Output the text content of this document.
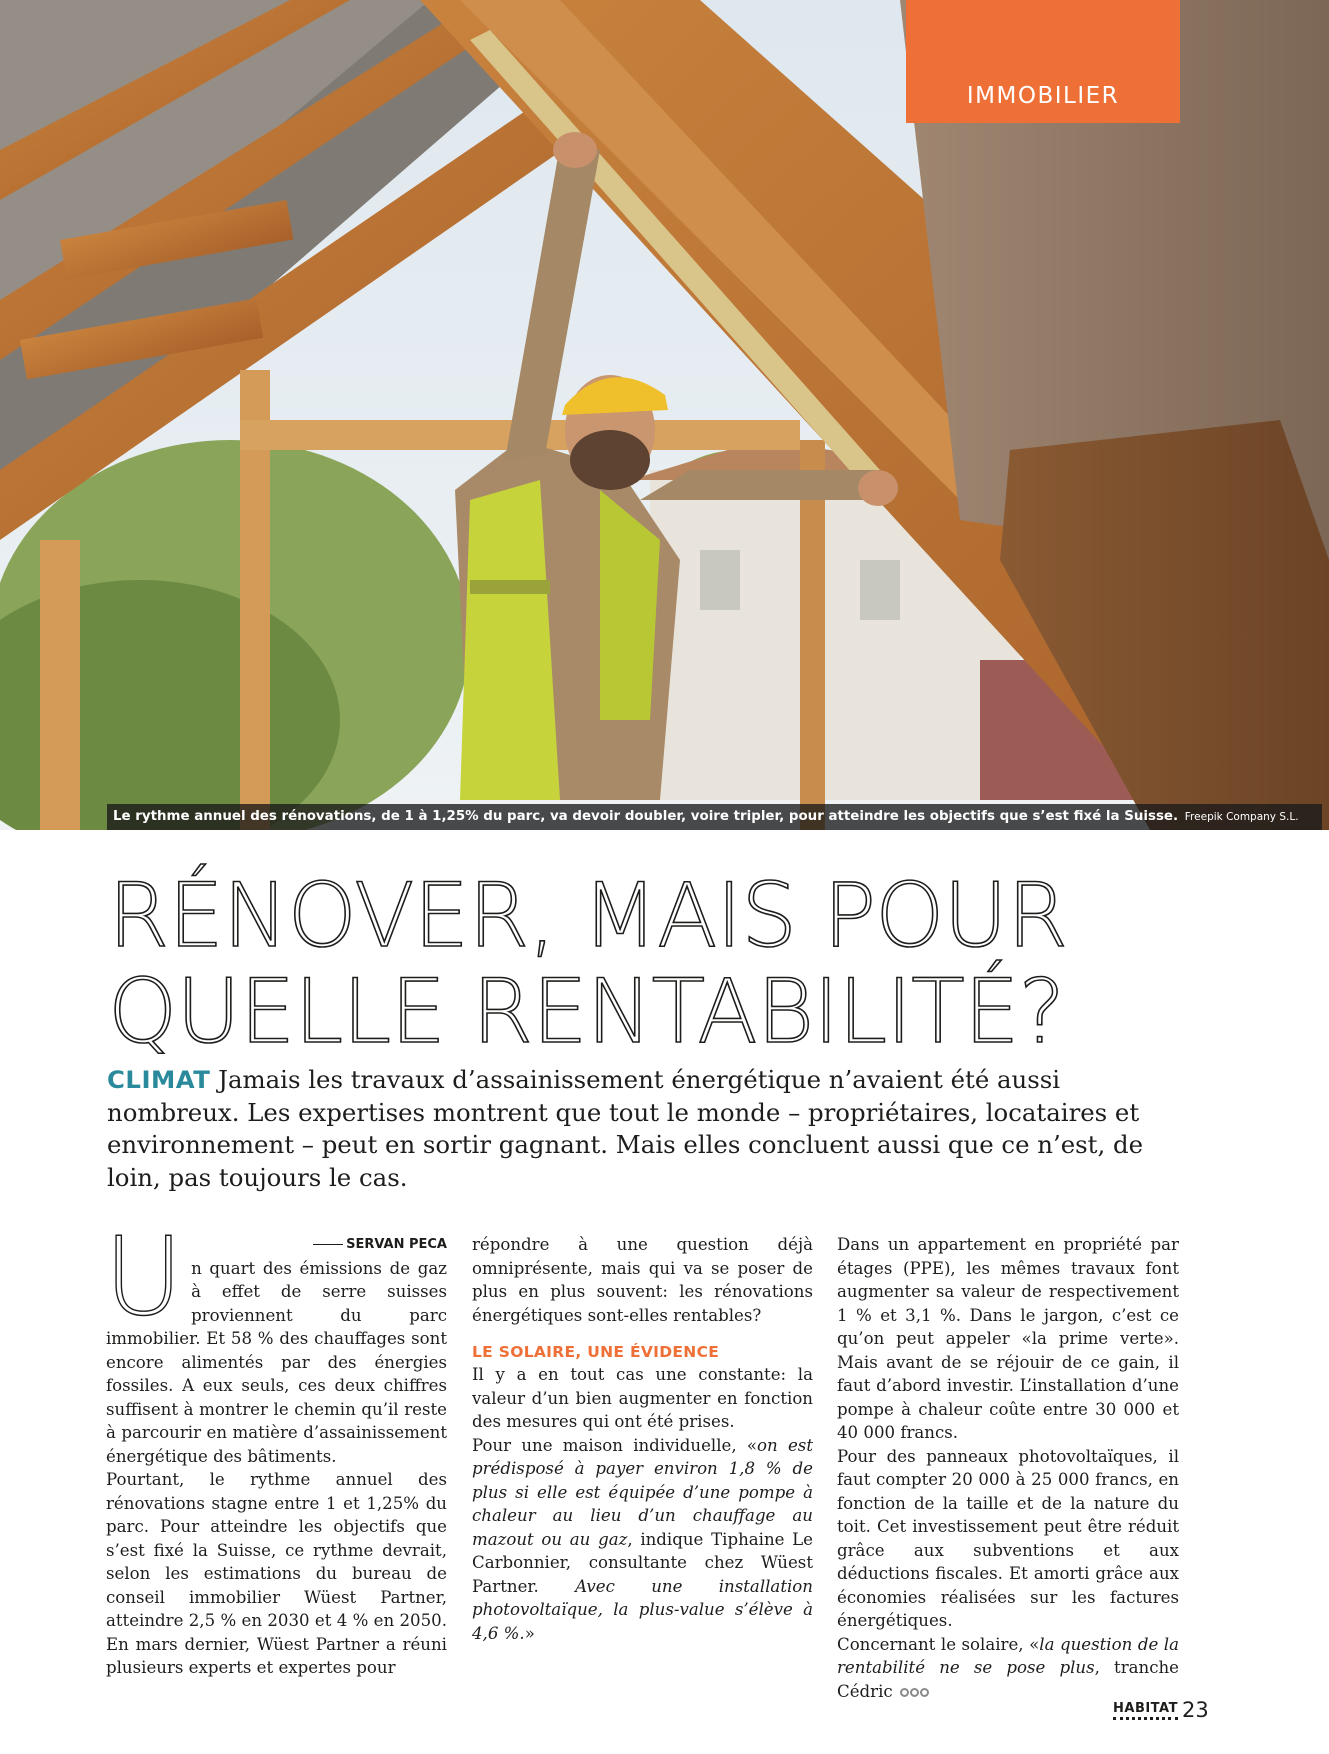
IMMOBILIER
Le rythme annuel des rénovations, de 1 à 1,25% du parc, va devoir doubler, voire tripler, pour atteindre les objectifs que s’est fixé la Suisse. Freepik Company S.L.
RÉNOVER, MAIS POUR
QUELLE RENTABILITÉ?
CLIMAT Jamais les travaux d’assainissement énergétique n’avaient été aussi nombreux. Les expertises montrent que tout le monde – propriétaires, locataires et environnement – peut en sortir gagnant. Mais elles concluent aussi que ce n’est, de loin, pas toujours le cas.
SERVAN PECA
U n quart des émissions de gaz à effet de serre suisses proviennent du parc immobilier. Et 58 % des chauffages sont encore alimentés par des énergies fossiles. A eux seuls, ces deux chiffres suffisent à montrer le chemin qu’il reste à parcourir en matière d’assainissement énergétique des bâtiments.

Pourtant, le rythme annuel des rénovations stagne entre 1 et 1,25% du parc. Pour atteindre les objectifs que s’est fixé la Suisse, ce rythme devrait, selon les estimations du bureau de conseil immobilier Wüest Partner, atteindre 2,5 % en 2030 et 4 % en 2050. En mars dernier, Wüest Partner a réuni plusieurs experts et expertes pour

répondre à une question déjà omniprésente, mais qui va se poser de plus en plus souvent: les rénovations énergétiques sont-elles rentables?

LE SOLAIRE, UNE ÉVIDENCE

Il y a en tout cas une constante: la valeur d’un bien augmenter en fonction des mesures qui ont été prises.

Pour une maison individuelle, «on est prédisposé à payer environ 1,8 % de plus si elle est équipée d’une pompe à chaleur au lieu d’un chauffage au mazout ou au gaz, indique Tiphaine Le Carbonnier, consultante chez Wüest Partner. Avec une installation photovoltaïque, la plus-value s’élève à 4,6 %.»

Dans un appartement en propriété par étages (PPE), les mêmes travaux font augmenter sa valeur de respectivement 1 % et 3,1 %. Dans le jargon, c’est ce qu’on peut appeler «la prime verte». Mais avant de se réjouir de ce gain, il faut d’abord investir. L’installation d’une pompe à chaleur coûte entre 30 000 et 40 000 francs.

Pour des panneaux photovoltaïques, il faut compter 20 000 à 25 000 francs, en fonction de la taille et de la nature du toit. Cet investissement peut être réduit grâce aux subventions et aux déductions fiscales. Et amorti grâce aux économies réalisées sur les factures énergétiques.

Concernant le solaire, «la question de la rentabilité ne se pose plus, tranche Cédric

HABITAT 23
